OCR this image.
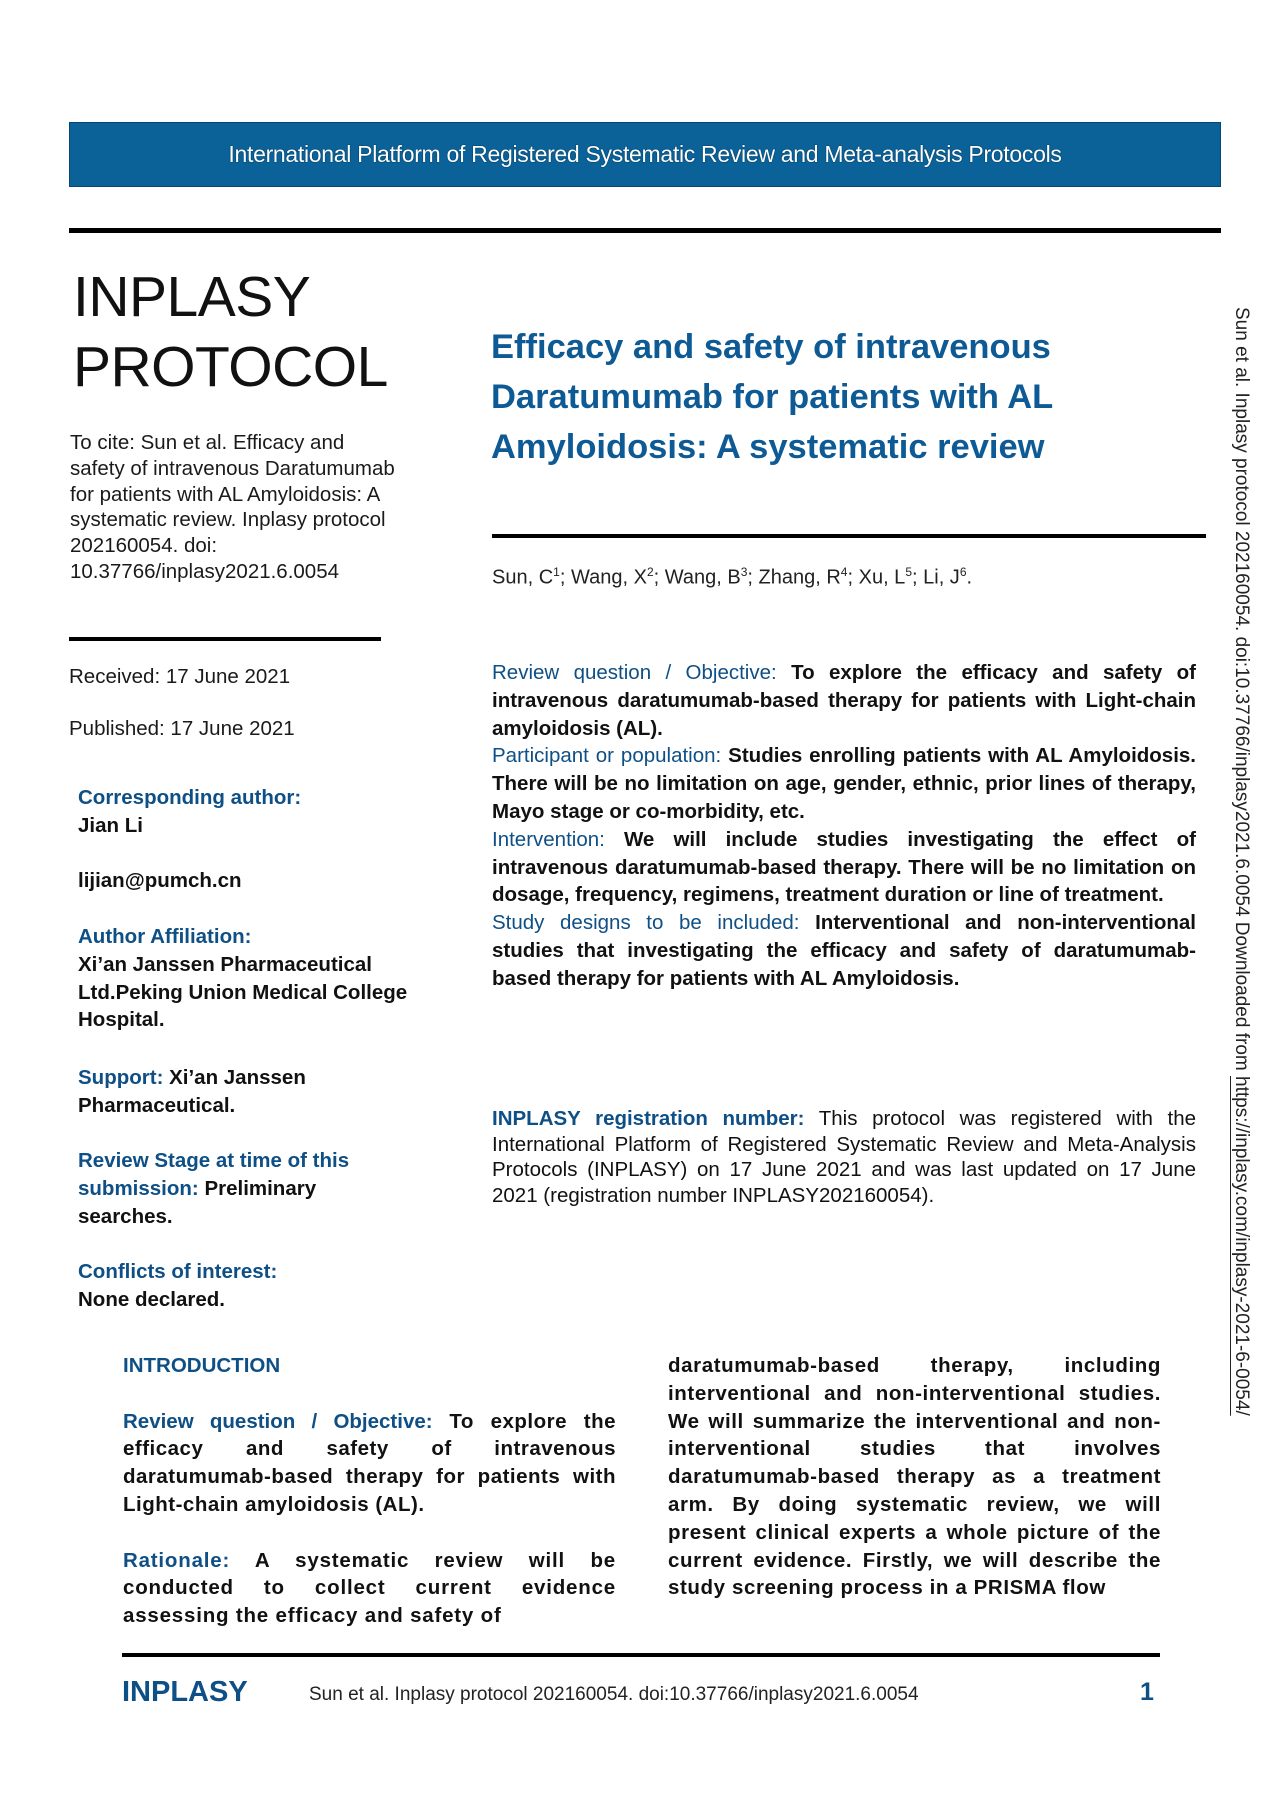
International Platform of Registered Systematic Review and Meta-analysis Protocols
INPLASY
PROTOCOL
To cite: Sun et al. Efficacy and safety of intravenous Daratumumab for patients with AL Amyloidosis: A systematic review. Inplasy protocol 202160054. doi: 10.37766/inplasy2021.6.0054
Received: 17 June 2021
Published: 17 June 2021
Corresponding author:
Jian Li
lijian@pumch.cn
Author Affiliation:
Xi’an Janssen Pharmaceutical Ltd.Peking Union Medical College Hospital.
Support: Xi’an Janssen Pharmaceutical.
Review Stage at time of this submission: Preliminary searches.
Conflicts of interest:
None declared.
Efficacy and safety of intravenous Daratumumab for patients with AL Amyloidosis: A systematic review
Sun, $C^1$; Wang, $X^2$; Wang, $B^3$; Zhang, $R^4$; Xu, $L^5$; Li, $J^6$.

Review question / Objective: To explore the efficacy and safety of intravenous daratumumab-based therapy for patients with Light-chain amyloidosis (AL).

Participant or population: Studies enrolling patients with AL Amyloidosis. There will be no limitation on age, gender, ethnic, prior lines of therapy, Mayo stage or co-morbidity, etc.

Intervention: We will include studies investigating the effect of intravenous daratumumab-based therapy. There will be no limitation on dosage, frequency, regimens, treatment duration or line of treatment.

Study designs to be included: Interventional and non-interventional studies that investigating the efficacy and safety of daratumumab-based therapy for patients with AL Amyloidosis.

INPLASY registration number: This protocol was registered with the International Platform of Registered Systematic Review and Meta-Analysis Protocols (INPLASY) on 17 June 2021 and was last updated on 17 June 2021 (registration number INPLASY202160054).

INTRODUCTION

Review question / Objective: To explore the efficacy and safety of intravenous daratumumab-based therapy for patients with Light-chain amyloidosis (AL).

Rationale: A systematic review will be conducted to collect current evidence assessing the efficacy and safety of

daratumumab-based therapy, including interventional and non-interventional studies. We will summarize the interventional and non-interventional studies that involves daratumumab-based therapy as a treatment arm. By doing systematic review, we will present clinical experts a whole picture of the current evidence. Firstly, we will describe the study screening process in a PRISMA flow
INPLASY	Sun et al. Inplasy protocol 202160054. doi:10.37766/inplasy2021.6.0054	1
Sun et al. Inplasy protocol 202160054. doi:10.37766/inplasy2021.6.0054 Downloaded from https://inplasy.com/inplasy-2021-6-0054/
